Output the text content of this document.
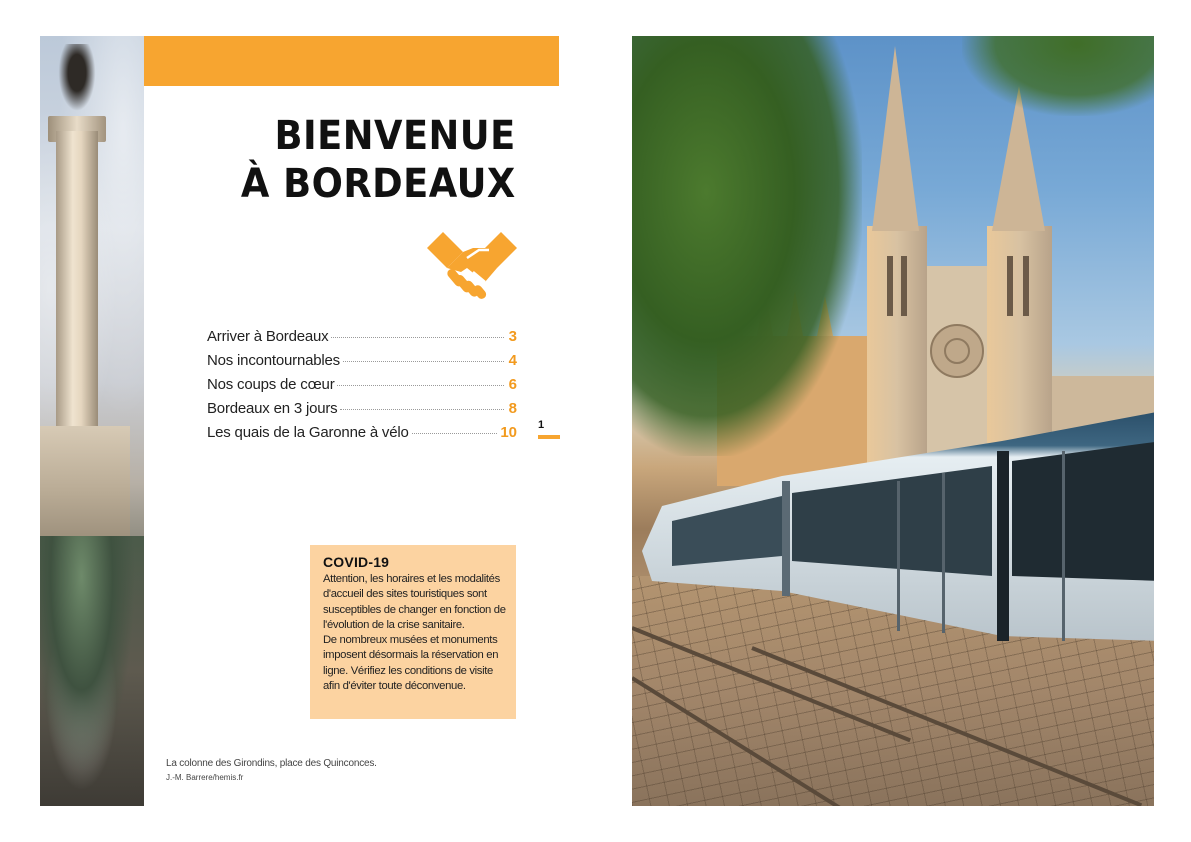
BIENVENUE
À BORDEAUX
Arriver à Bordeaux	3
Nos incontournables	4
Nos coups de cœur	6
Bordeaux en 3 jours	8
Les quais de la Garonne à vélo	10 1
COVID-19

Attention, les horaires et les modalités d'accueil des sites touristiques sont susceptibles de changer en fonction de l'évolution de la crise sanitaire.

De nombreux musées et monuments imposent désormais la réservation en ligne. Vérifiez les conditions de visite afin d'éviter toute déconvenue.

La colonne des Girondins, place des Quinconces.
J.-M. Barrere/hemis.fr
